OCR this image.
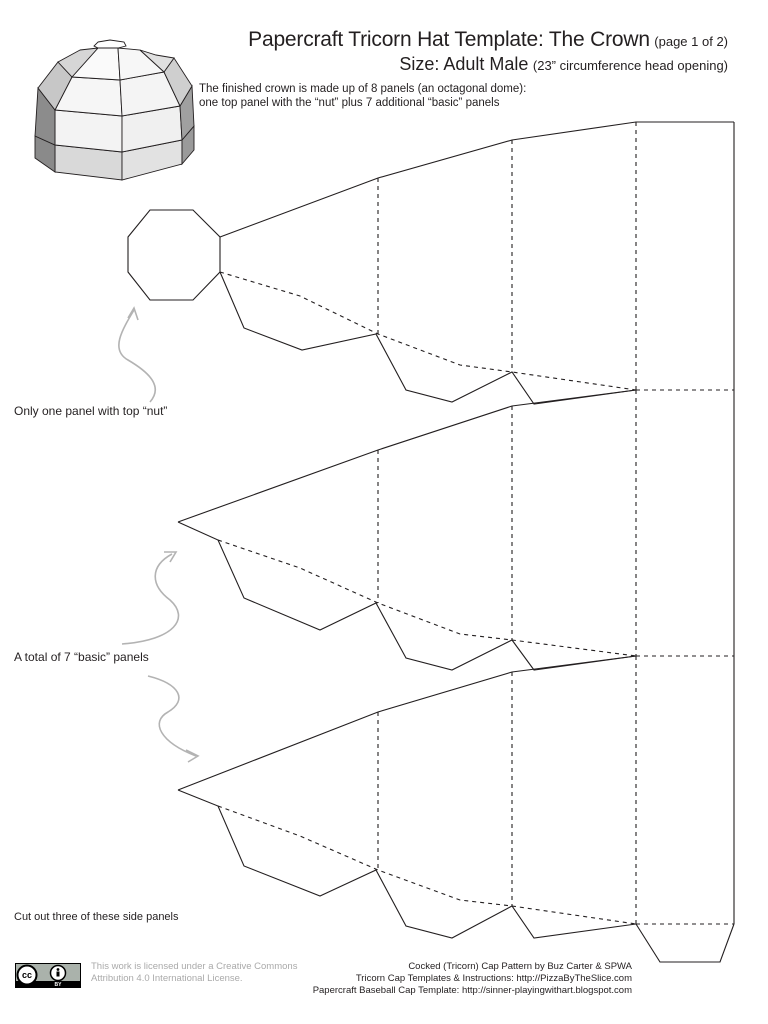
Papercraft Tricorn Hat Template: The Crown (page 1 of 2)
Size: Adult Male (23” circumference head opening)
The finished crown is made up of 8 panels (an octagonal dome):
one top panel with the “nut” plus 7 additional “basic” panels
Only one panel with top “nut”
A total of 7 “basic” panels
Cut out three of these side panels
cc
BY
This work is licensed under a Creative Commons
Attribution 4.0 International License.
Cocked (Tricorn) Cap Pattern by Buz Carter & SPWA
Tricorn Cap Templates & Instructions: http://PizzaByTheSlice.com
Papercraft Baseball Cap Template: http://sinner-playingwithart.blogspot.com
